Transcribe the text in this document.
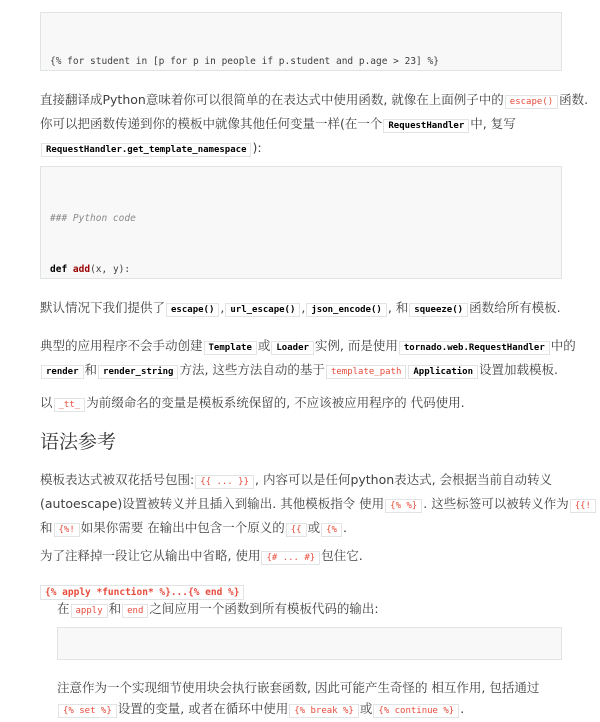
{% for student in [p for p in people if p.student and p.age > 23] %}

直接翻译成Python意味着你可以很简单的在表达式中使用函数, 就像在上面例子中的 escape() 函数.
你可以把函数传递到你的模板中就像其他任何变量一样(在一个 RequestHandler 中, 复写
RequestHandler.get_template_namespace ):

### Python code

def add(x, y):

默认情况下我们提供了 escape() , url_escape() , json_encode() , 和 squeeze() 函数给所有模板.
典型的应用程序不会手动创建 Template 或 Loader 实例, 而是使用 tornado.web.RequestHandler 中的
render 和 render_string 方法, 这些方法自动的基于 template_path Application 设置加载模板.
以 _tt_ 为前缀命名的变量是模板系统保留的, 不应该被应用程序的 代码使用.
语法参考
模板表达式被双花括号包围: {{ ... }} , 内容可以是任何python表达式, 会根据当前自动转义
(autoescape)设置被转义并且插入到输出. 其他模板指令 使用 {% %} . 这些标签可以被转义作为 {{!
和 {%! 如果你需要 在输出中包含一个原义的 {{ 或 {% .
为了注释掉一段让它从输出中省略, 使用 {# ... #} 包住它.
{% apply *function* %}...{% end %}
在 apply 和 end 之间应用一个函数到所有模板代码的输出:

注意作为一个实现细节使用块会执行嵌套函数, 因此可能产生奇怪的 相互作用, 包括通过
{% set %} 设置的变量, 或者在循环中使用 {% break %} 或 {% continue %} .
